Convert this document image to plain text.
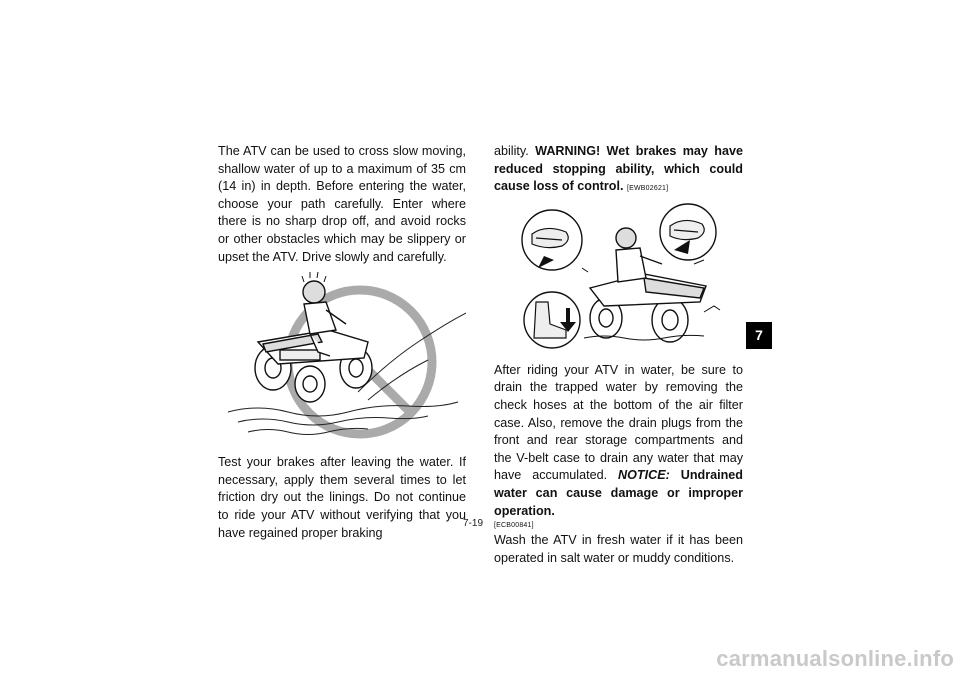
The ATV can be used to cross slow moving, shallow water of up to a maximum of 35 cm (14 in) in depth. Before entering the water, choose your path carefully. Enter where there is no sharp drop off, and avoid rocks or other obstacles which may be slippery or upset the ATV. Drive slowly and carefully.

Test your brakes after leaving the water. If necessary, apply them several times to let friction dry out the linings. Do not continue to ride your ATV without verifying that you have regained proper braking

ability. WARNING! Wet brakes may have reduced stopping ability, which could cause loss of control. [EWB02621]

After riding your ATV in water, be sure to drain the trapped water by removing the check hoses at the bottom of the air filter case. Also, remove the drain plugs from the front and rear storage compartments and the V-belt case to drain any water that may have accumulated. NOTICE: Undrained water can cause damage or improper operation.

[ECB00841]

Wash the ATV in fresh water if it has been operated in salt water or muddy conditions.

7
7-19
carmanualsonline.info
